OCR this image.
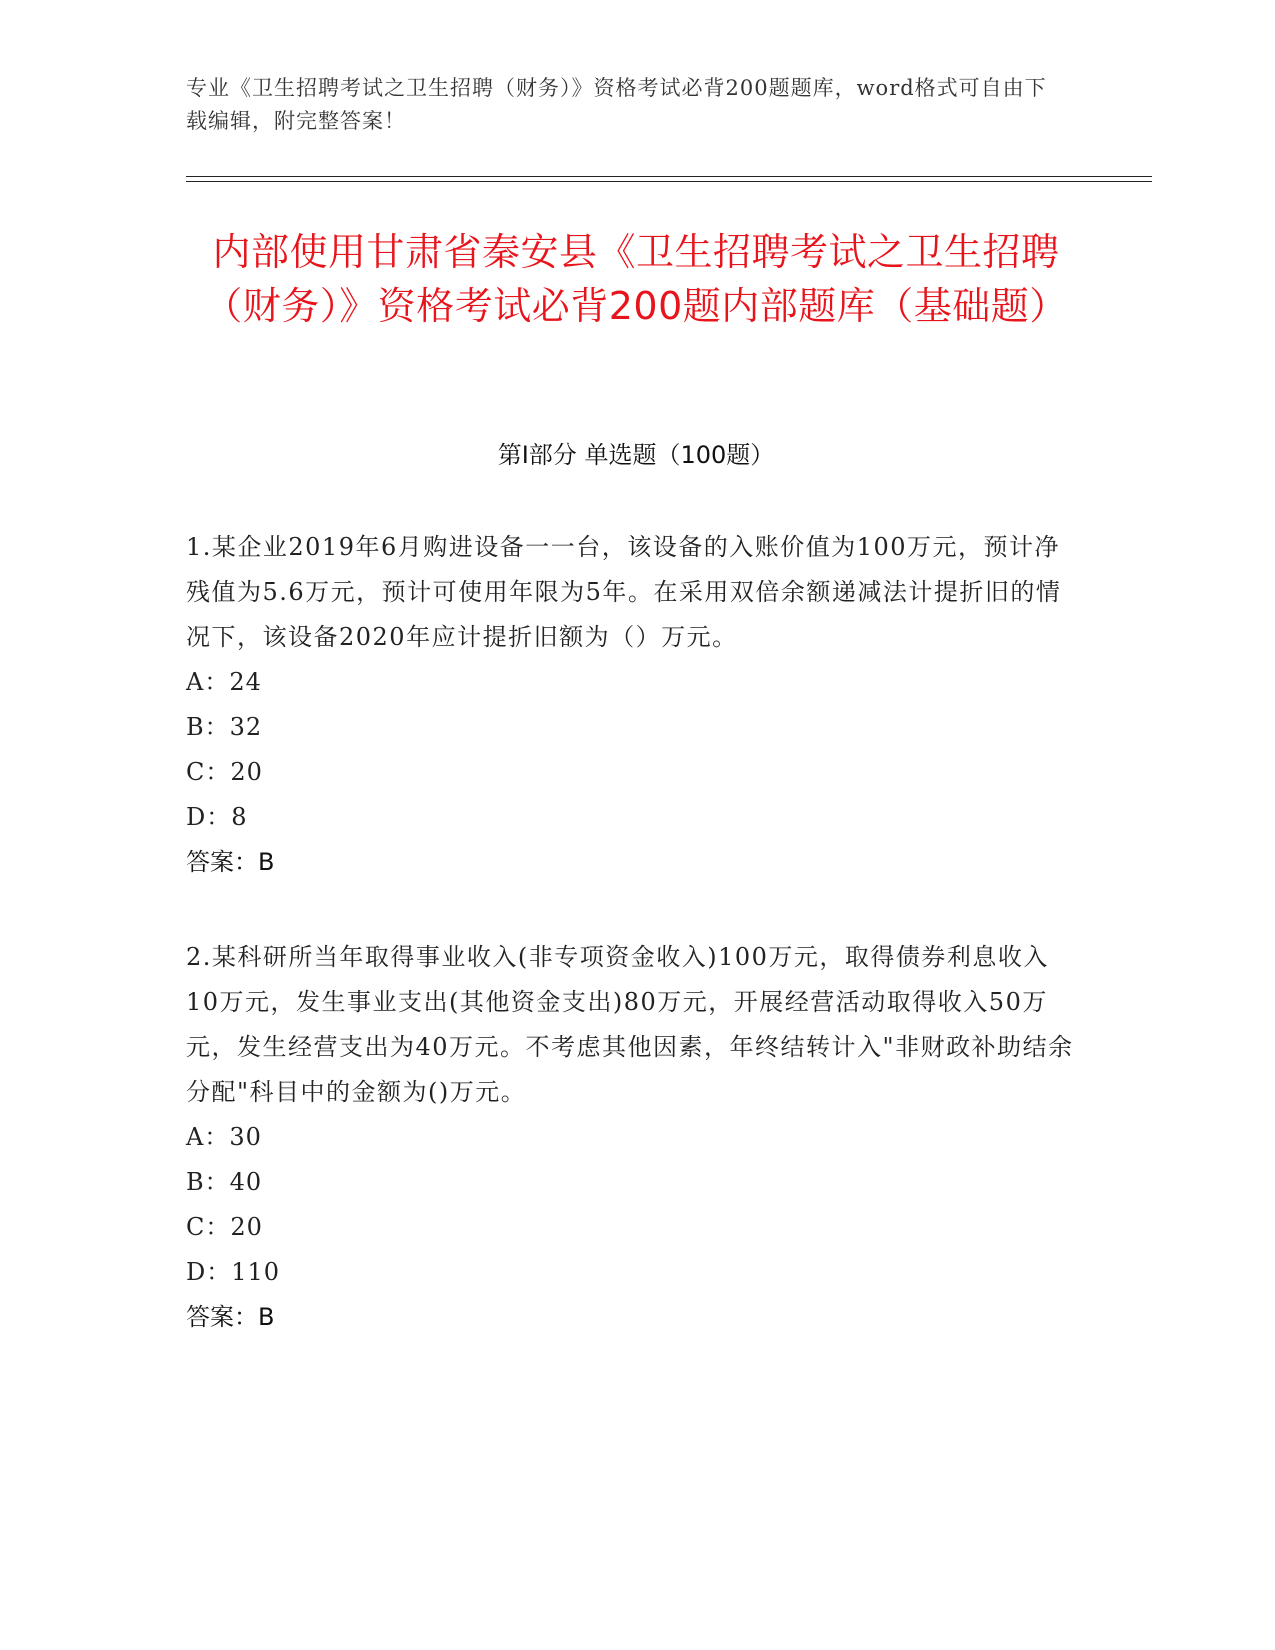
专业《卫生招聘考试之卫生招聘（财务）》资格考试必背200题题库，word格式可自由下载编辑，附完整答案！
内部使用甘肃省秦安县《卫生招聘考试之卫生招聘（财务）》资格考试必背200题内部题库（基础题）
第I部分 单选题（100题）

1.某企业2019年6月购进设备一一台，该设备的入账价值为100万元，预计净残值为5.6万元，预计可使用年限为5年。在采用双倍余额递减法计提折旧的情况下，该设备2020年应计提折旧额为（）万元。

A：24
B：32
C：20
D：8
答案：B

2.某科研所当年取得事业收入(非专项资金收入)100万元，取得债券利息收入10万元，发生事业支出(其他资金支出)80万元，开展经营活动取得收入50万元，发生经营支出为40万元。不考虑其他因素，年终结转计入"非财政补助结余分配"科目中的金额为()万元。

A：30
B：40
C：20
D：110
答案：B
